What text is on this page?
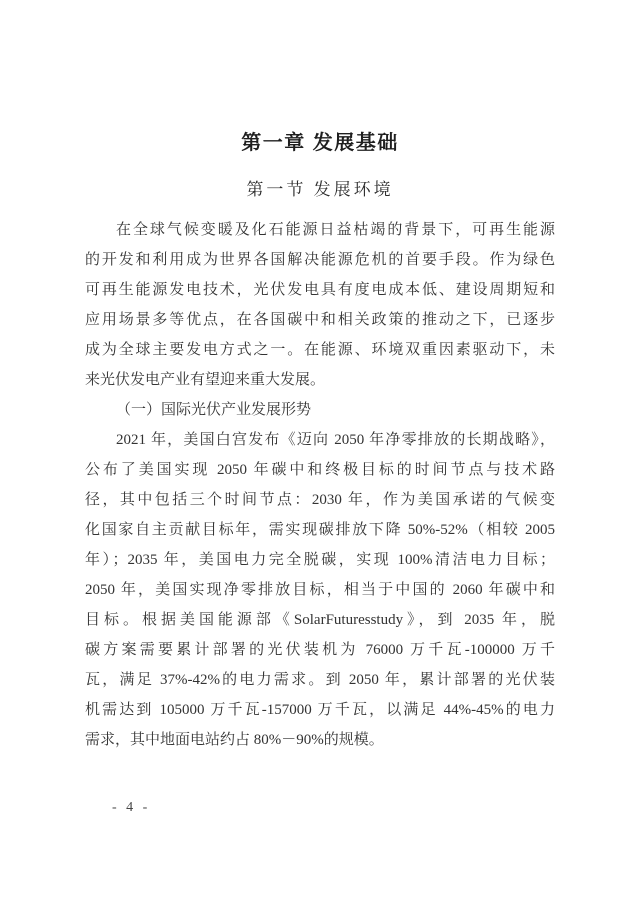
第一章 发展基础
第一节 发展环境
在全球气候变暖及化石能源日益枯竭的背景下，可再生能源
的开发和利用成为世界各国解决能源危机的首要手段。作为绿色
可再生能源发电技术，光伏发电具有度电成本低、建设周期短和
应用场景多等优点，在各国碳中和相关政策的推动之下，已逐步
成为全球主要发电方式之一。在能源、环境双重因素驱动下，未
来光伏发电产业有望迎来重大发展。
（一）国际光伏产业发展形势
2021 年，美国白宫发布《迈向 2050 年净零排放的长期战略》，
公布了美国实现 2050 年碳中和终极目标的时间节点与技术路
径，其中包括三个时间节点：2030 年，作为美国承诺的气候变
化国家自主贡献目标年，需实现碳排放下降 50%-52%（相较 2005
年）；2035 年，美国电力完全脱碳，实现 100%清洁电力目标；
2050 年，美国实现净零排放目标，相当于中国的 2060 年碳中和
目标。根据美国能源部《SolarFuturesstudy》，到 2035 年，脱
碳方案需要累计部署的光伏装机为 76000 万千瓦-100000 万千
瓦，满足 37%-42%的电力需求。到 2050 年，累计部署的光伏装
机需达到 105000 万千瓦-157000 万千瓦，以满足 44%-45%的电力
需求，其中地面电站约占 80%－90%的规模。
- 4 -
